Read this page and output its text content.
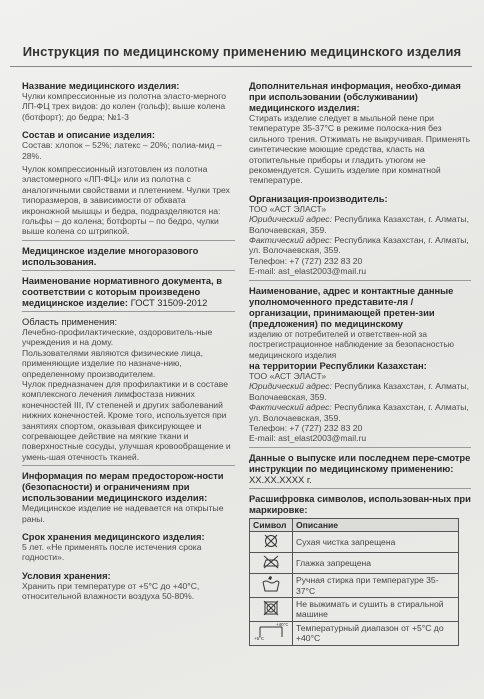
Инструкция по медицинскому применению медицинского изделия
Название медицинского изделия:

Чулки компрессионные из полотна эласто-мерного ЛП-ФЦ трех видов: до колен (гольф); выше колена (ботфорт); до бедра; №1-3

Состав и описание изделия:

Состав: хлопок – 52%; латекс – 20%; полиа-мид – 28%.

Чулок компрессионный изготовлен из полотна эластомерного «ЛП-ФЦ» или из полотна с аналогичными свойствами и плетением. Чулки трех типоразмеров, в зависимости от обхвата икроножной мышцы и бедра, подразделяются на: гольфы – до колена; ботфорты – по бедро, чулки выше колена со штрипкой.

Медицинское изделие многоразового использования.
Наименование нормативного документа, в соответствии с которым произведено медицинское изделие: ГОСТ 31509-2012
Область применения:

Лечебно-профилактические, оздоровитель-ные учреждения и на дому.

Пользователями являются физические лица, применяющие изделие по назначе-нию, определенному производителем.

Чулок предназначен для профилактики и в составе комплексного лечения лимфостаза нижних конечностей III, IV степеней и других заболеваний нижних конечностей. Кроме того, используется при занятиях спортом, оказывая фиксирующее и согревающее действие на мягкие ткани и поверхностные сосуды, улучшая кровообращение и умень-шая отечность тканей.

Информация по мерам предосторож-ности (безопасности) и ограничениям при использовании медицинского изделия:

Медицинское изделие не надевается на открытые раны.

Срок хранения медицинского изделия:

5 лет. «Не применять после истечения срока годности».

Условия хранения:

Хранить при температуре от +5°С до +40°С, относительной влажности воздуха 50-80%.

Дополнительная информация, необхо-димая при использовании (обслуживании) медицинского изделия:

Стирать изделие следует в мыльной пене при температуре 35-37°С в режиме полоска-ния без сильного трения. Отжимать не выкручивая. Применять синтетические моющие средства, класть на отопительные приборы и гладить утюгом не рекомендуется. Сушить изделие при комнатной температуре.

Организация-производитель:

ТОО «АСТ ЭЛАСТ»

Юридический адрес: Республика Казахстан, г. Алматы, Волочаевская, 359.

Фактический адрес: Республика Казахстан, г. Алматы, ул. Волочаевская, 359.

Телефон: +7 (727) 232 83 20

E-mail: ast_elast2003@mail.ru

Наименование, адрес и контактные данные уполномоченного представите-ля /организации, принимающей претен-зии (предложения) по медицинскому

изделию от потребителей и ответствен-ной за пострегистрационное наблюдение за безопасностью медицинского изделия

на территории Республики Казахстан:

ТОО «АСТ ЭЛАСТ»

Юридический адрес: Республика Казахстан, г. Алматы, Волочаевская, 359.

Фактический адрес: Республика Казахстан, г. Алматы, ул. Волочаевская, 359.

Телефон: +7 (727) 232 83 20

E-mail: ast_elast2003@mail.ru

Данные о выпуске или последнем пере-смотре инструкции по медицинскому применению: XX.XX.XXXX г.
Расшифровка символов, использован-ных при маркировке:
Символ	Описание
	Сухая чистка запрещена
	Глажка запрещена
	Ручная стирка при температуре 35-37°С
	Не выжимать и сушить в стиральной машине

+5°С
+40°С	Температурный диапазон от +5°С до +40°С
